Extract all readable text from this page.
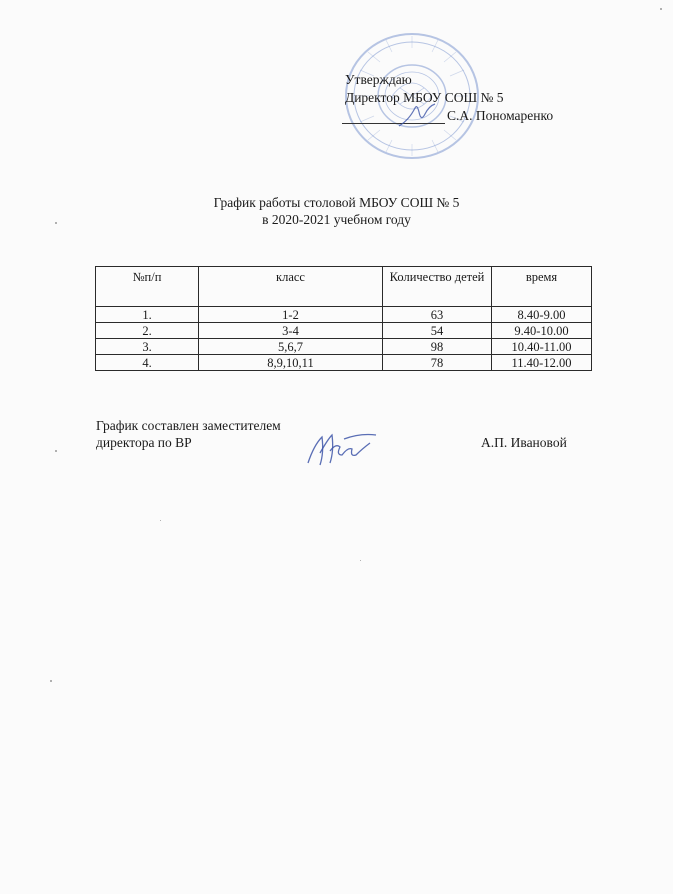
Утверждаю
Директор МБОУ СОШ № 5
С.А. Пономаренко
График работы столовой МБОУ СОШ № 5
в 2020-2021 учебном году
№п/п	класс	Количество детей	время
1.	1-2	63	8.40-9.00
2.	3-4	54	9.40-10.00
3.	5,6,7	98	10.40-11.00
4.	8,9,10,11	78	11.40-12.00
График составлен заместителем
директора по ВР	А.П. Ивановой
